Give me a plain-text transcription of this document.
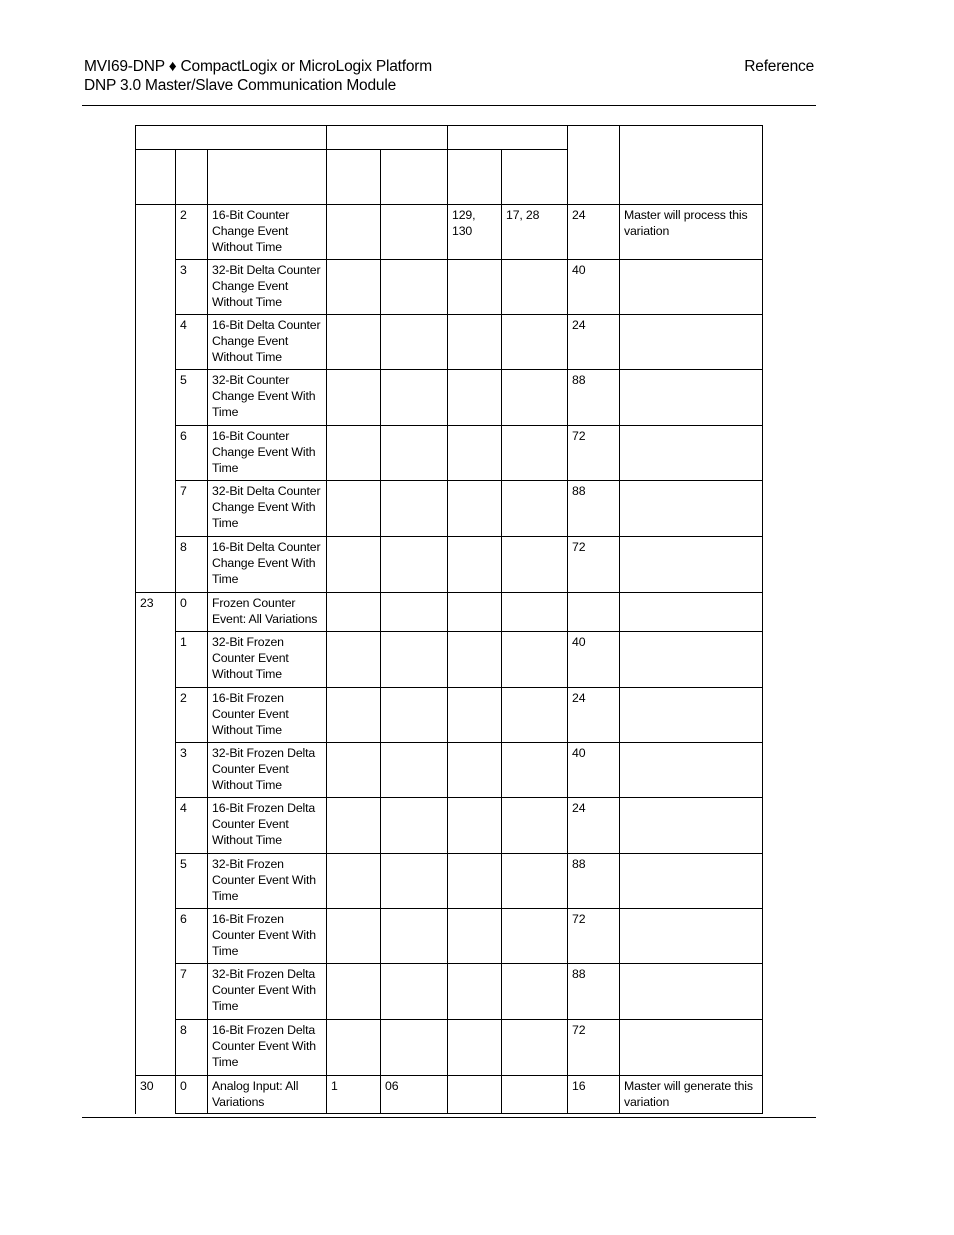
MVI69-DNP ♦ CompactLogix or MicroLogix Platform
DNP 3.0 Master/Slave Communication Module
Reference

	2	16-Bit Counter Change Event Without Time			129, 130	17, 28	24	Master will process this variation
	3	32-Bit Delta Counter Change Event Without Time					40	
	4	16-Bit Delta Counter Change Event Without Time					24	
	5	32-Bit Counter Change Event With Time					88	
	6	16-Bit Counter Change Event With Time					72	
	7	32-Bit Delta Counter Change Event With Time					88	
	8	16-Bit Delta Counter Change Event With Time					72	
23	0	Frozen Counter Event: All Variations						
	1	32-Bit Frozen Counter Event Without Time					40	
	2	16-Bit Frozen Counter Event Without Time					24	
	3	32-Bit Frozen Delta Counter Event Without Time					40	
	4	16-Bit Frozen Delta Counter Event Without Time					24	
	5	32-Bit Frozen Counter Event With Time					88	
	6	16-Bit Frozen Counter Event With Time					72	
	7	32-Bit Frozen Delta Counter Event With Time					88	
	8	16-Bit Frozen Delta Counter Event With Time					72	
30	0	Analog Input: All Variations	1	06			16	Master will generate this variation
